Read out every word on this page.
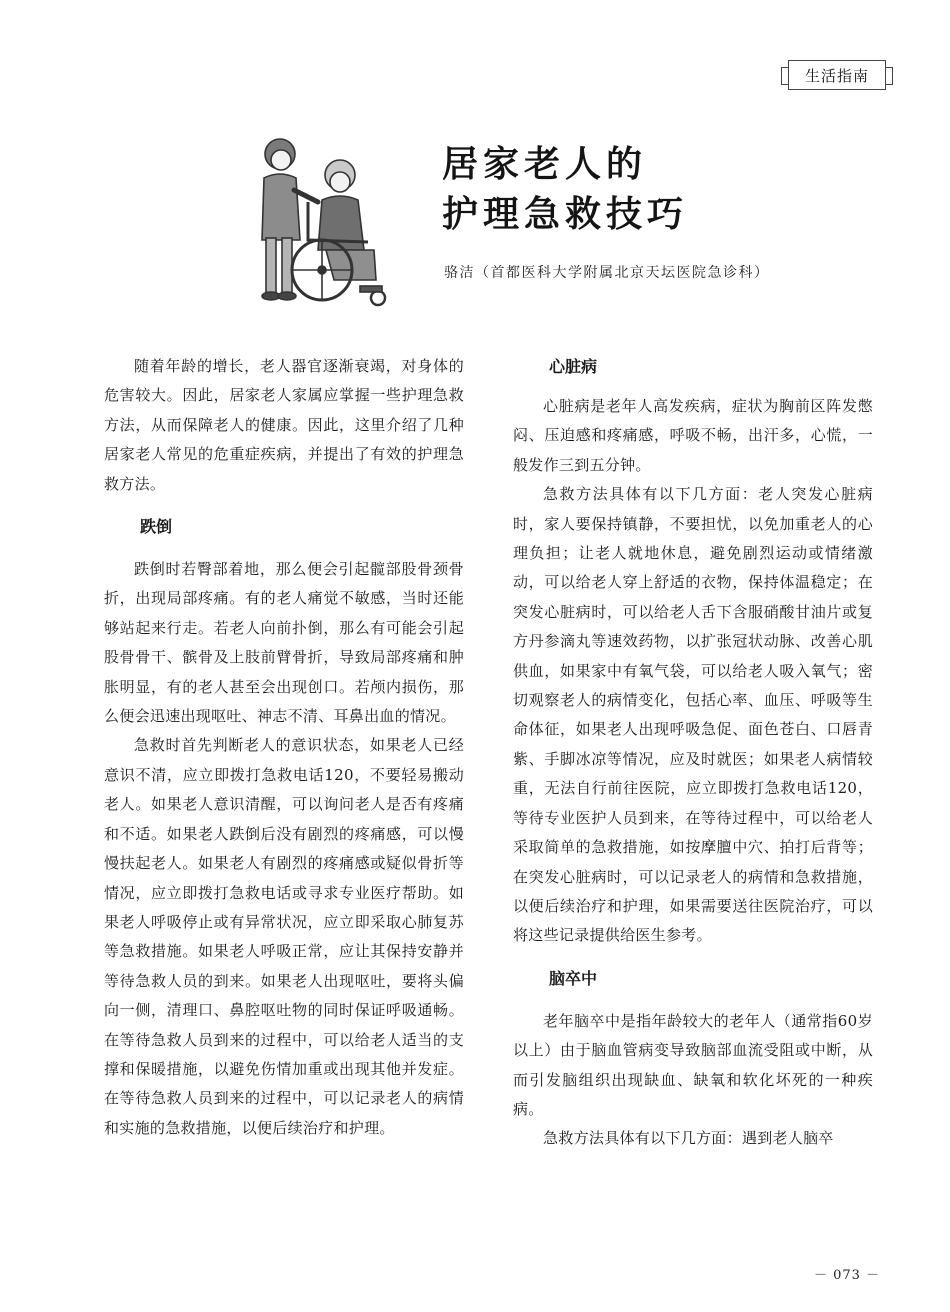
生活指南
居家老人的
护理急救技巧
骆洁（首都医科大学附属北京天坛医院急诊科）

随着年龄的增长，老人器官逐渐衰竭，对身体的危害较大。因此，居家老人家属应掌握一些护理急救方法，从而保障老人的健康。因此，这里介绍了几种居家老人常见的危重症疾病，并提出了有效的护理急救方法。

跌倒

跌倒时若臀部着地，那么便会引起髋部股骨颈骨折，出现局部疼痛。有的老人痛觉不敏感，当时还能够站起来行走。若老人向前扑倒，那么有可能会引起股骨骨干、髌骨及上肢前臂骨折，导致局部疼痛和肿胀明显，有的老人甚至会出现创口。若颅内损伤，那么便会迅速出现呕吐、神志不清、耳鼻出血的情况。

急救时首先判断老人的意识状态，如果老人已经意识不清，应立即拨打急救电话120，不要轻易搬动老人。如果老人意识清醒，可以询问老人是否有疼痛和不适。如果老人跌倒后没有剧烈的疼痛感，可以慢慢扶起老人。如果老人有剧烈的疼痛感或疑似骨折等情况，应立即拨打急救电话或寻求专业医疗帮助。如果老人呼吸停止或有异常状况，应立即采取心肺复苏等急救措施。如果老人呼吸正常，应让其保持安静并等待急救人员的到来。如果老人出现呕吐，要将头偏向一侧，清理口、鼻腔呕吐物的同时保证呼吸通畅。在等待急救人员到来的过程中，可以给老人适当的支撑和保暖措施，以避免伤情加重或出现其他并发症。在等待急救人员到来的过程中，可以记录老人的病情和实施的急救措施，以便后续治疗和护理。

心脏病

心脏病是老年人高发疾病，症状为胸前区阵发憋闷、压迫感和疼痛感，呼吸不畅，出汗多，心慌，一般发作三到五分钟。

急救方法具体有以下几方面：老人突发心脏病时，家人要保持镇静，不要担忧，以免加重老人的心理负担；让老人就地休息，避免剧烈运动或情绪激动，可以给老人穿上舒适的衣物，保持体温稳定；在突发心脏病时，可以给老人舌下含服硝酸甘油片或复方丹参滴丸等速效药物，以扩张冠状动脉、改善心肌供血，如果家中有氧气袋，可以给老人吸入氧气；密切观察老人的病情变化，包括心率、血压、呼吸等生命体征，如果老人出现呼吸急促、面色苍白、口唇青紫、手脚冰凉等情况，应及时就医；如果老人病情较重，无法自行前往医院，应立即拨打急救电话120，等待专业医护人员到来，在等待过程中，可以给老人采取简单的急救措施，如按摩膻中穴、拍打后背等；在突发心脏病时，可以记录老人的病情和急救措施，以便后续治疗和护理，如果需要送往医院治疗，可以将这些记录提供给医生参考。

脑卒中

老年脑卒中是指年龄较大的老年人（通常指60岁以上）由于脑血管病变导致脑部血流受阻或中断，从而引发脑组织出现缺血、缺氧和软化坏死的一种疾病。

急救方法具体有以下几方面：遇到老人脑卒

－ 073 －
